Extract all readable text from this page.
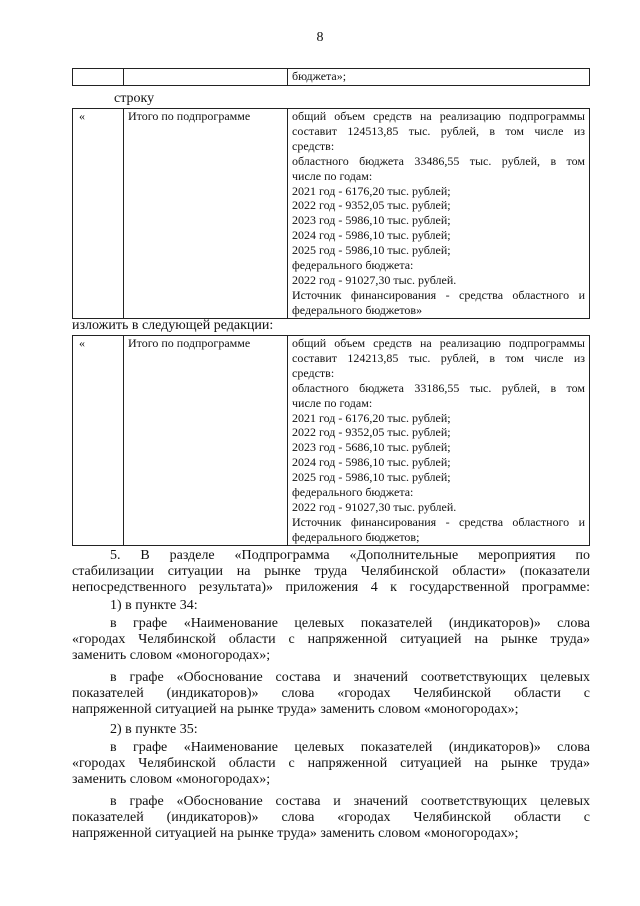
8
		бюджета»;
строку
«	Итого по подпрограмме	общий объем средств на реализацию подпрограммы
составит 124513,85 тыс. рублей, в том числе из
средств:
областного бюджета 33486,55 тыс. рублей, в том
числе по годам:
2021 год - 6176,20 тыс. рублей;
2022 год - 9352,05 тыс. рублей;
2023 год - 5986,10 тыс. рублей;
2024 год - 5986,10 тыс. рублей;
2025 год - 5986,10 тыс. рублей;
федерального бюджета:
2022 год - 91027,30 тыс. рублей.
Источник финансирования - средства областного и
федерального бюджетов»
изложить в следующей редакции:
«	Итого по подпрограмме	общий объем средств на реализацию подпрограммы
составит 124213,85 тыс. рублей, в том числе из
средств:
областного бюджета 33186,55 тыс. рублей, в том
числе по годам:
2021 год - 6176,20 тыс. рублей;
2022 год - 9352,05 тыс. рублей;
2023 год - 5686,10 тыс. рублей;
2024 год - 5986,10 тыс. рублей;
2025 год - 5986,10 тыс. рублей;
федерального бюджета:
2022 год - 91027,30 тыс. рублей.
Источник финансирования - средства областного и
федерального бюджетов;
5. В разделе «Подпрограмма «Дополнительные мероприятия по
стабилизации ситуации на рынке труда Челябинской области» (показатели
непосредственного результата)» приложения 4 к государственной программе:
1) в пункте 34:
в графе «Наименование целевых показателей (индикаторов)» слова
«городах Челябинской области с напряженной ситуацией на рынке труда»
заменить словом «моногородах»;
в графе «Обоснование состава и значений соответствующих целевых
показателей (индикаторов)» слова «городах Челябинской области с
напряженной ситуацией на рынке труда» заменить словом «моногородах»;
2) в пункте 35:
в графе «Наименование целевых показателей (индикаторов)» слова
«городах Челябинской области с напряженной ситуацией на рынке труда»
заменить словом «моногородах»;
в графе «Обоснование состава и значений соответствующих целевых
показателей (индикаторов)» слова «городах Челябинской области с
напряженной ситуацией на рынке труда» заменить словом «моногородах»;
